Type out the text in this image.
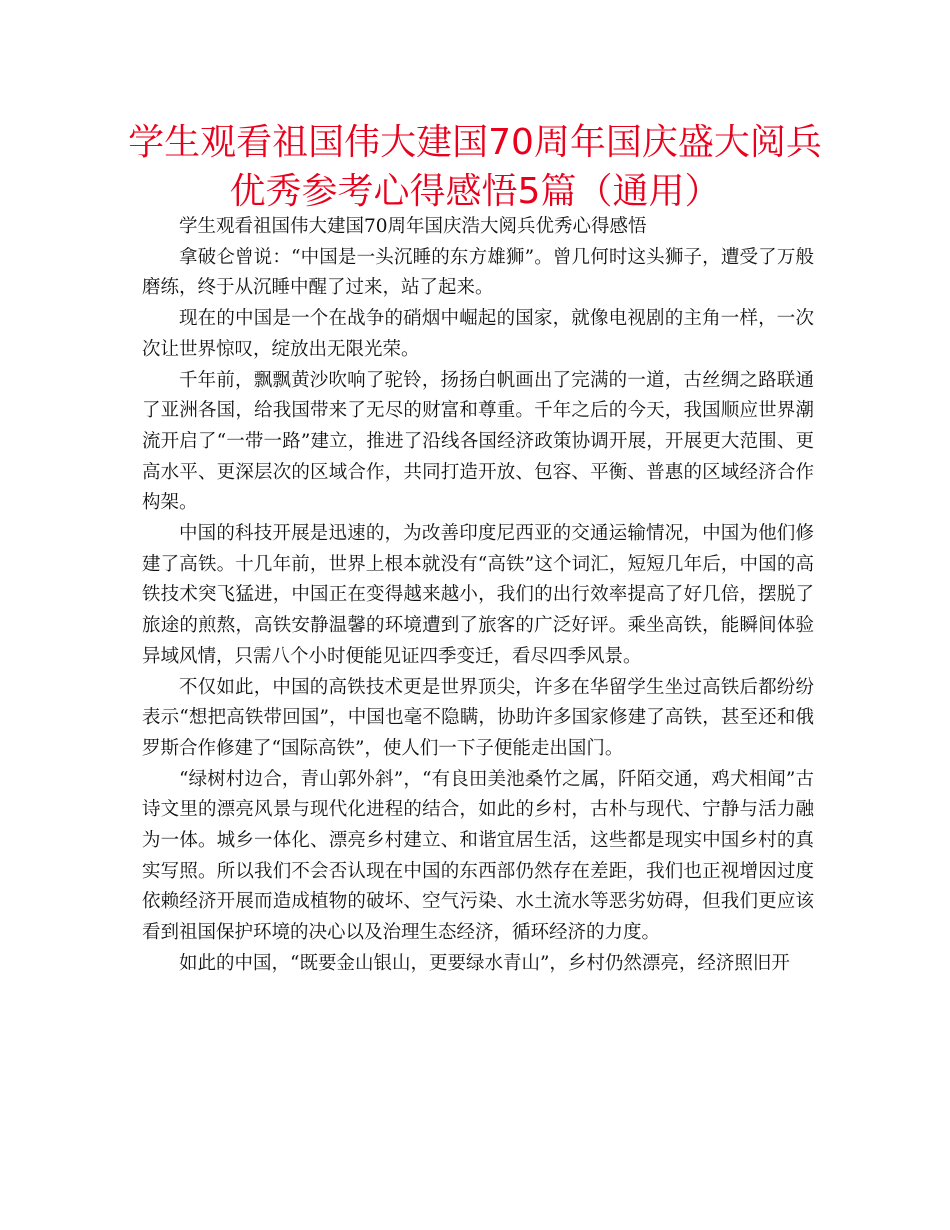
学生观看祖国伟大建国70周年国庆盛大阅兵优秀参考心得感悟5篇（通用）

学生观看祖国伟大建国70周年国庆浩大阅兵优秀心得感悟

拿破仑曾说：“中国是一头沉睡的东方雄狮”。曾几何时这头狮子，遭受了万般磨练，终于从沉睡中醒了过来，站了起来。

现在的中国是一个在战争的硝烟中崛起的国家，就像电视剧的主角一样，一次次让世界惊叹，绽放出无限光荣。

千年前，飘飘黄沙吹响了驼铃，扬扬白帆画出了完满的一道，古丝绸之路联通了亚洲各国，给我国带来了无尽的财富和尊重。千年之后的今天，我国顺应世界潮流开启了“一带一路”建立，推进了沿线各国经济政策协调开展，开展更大范围、更高水平、更深层次的区域合作，共同打造开放、包容、平衡、普惠的区域经济合作构架。

中国的科技开展是迅速的，为改善印度尼西亚的交通运输情况，中国为他们修建了高铁。十几年前，世界上根本就没有“高铁”这个词汇，短短几年后，中国的高铁技术突飞猛进，中国正在变得越来越小，我们的出行效率提高了好几倍，摆脱了旅途的煎熬，高铁安静温馨的环境遭到了旅客的广泛好评。乘坐高铁，能瞬间体验异域风情，只需八个小时便能见证四季变迁，看尽四季风景。

不仅如此，中国的高铁技术更是世界顶尖，许多在华留学生坐过高铁后都纷纷表示“想把高铁带回国”，中国也毫不隐瞒，协助许多国家修建了高铁，甚至还和俄罗斯合作修建了“国际高铁”，使人们一下子便能走出国门。

“绿树村边合，青山郭外斜”，“有良田美池桑竹之属，阡陌交通，鸡犬相闻”古诗文里的漂亮风景与现代化进程的结合，如此的乡村，古朴与现代、宁静与活力融为一体。城乡一体化、漂亮乡村建立、和谐宜居生活，这些都是现实中国乡村的真实写照。所以我们不会否认现在中国的东西部仍然存在差距，我们也正视增因过度依赖经济开展而造成植物的破坏、空气污染、水土流水等恶劣妨碍，但我们更应该看到祖国保护环境的决心以及治理生态经济，循环经济的力度。

如此的中国，“既要金山银山，更要绿水青山”，乡村仍然漂亮，经济照旧开
